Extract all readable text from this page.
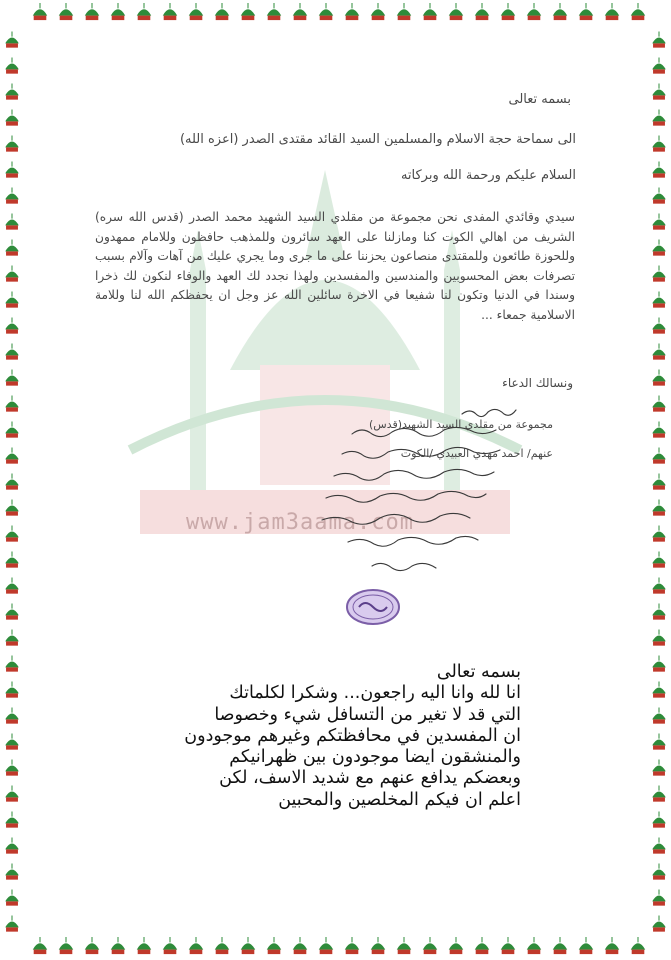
www.jam3aama.com
بسمه تعالى
الى سماحة حجة الاسلام والمسلمين السيد القائد مقتدى الصدر (اعزه الله)
السلام عليكم ورحمة الله وبركاته
سيدي وقائدي المفدى نحن مجموعة من مقلدي السيد الشهيد محمد الصدر (قدس الله سره) الشريف من اهالي الكوت كنا ومازلنا على العهد سائرون وللمذهب حافظون وللامام ممهدون وللحوزة طائعون وللمقتدى منصاعون يحزننا على ما جرى وما يجري عليك من آهات وآلام بسبب تصرفات بعض المحسوبين والمندسين والمفسدين ولهذا نجدد لك العهد والوفاء لنكون لك ذخرا وسندا في الدنيا وتكون لنا شفيعا في الاخرة سائلين الله عز وجل ان يحفظكم الله لنا وللامة الاسلامية جمعاء ...
ونسالك الدعاء
مجموعة من مقلدي السيد الشهيد(قدس)
عنهم/ احمد مهدي العبيدي /الكوت
بسمه تعالى
انا لله وانا اليه راجعون... وشكرا لكلماتك
التي قد لا تغير من التسافل شيء وخصوصا
ان المفسدين في محافظتكم وغيرهم موجودون
والمنشقون ايضا موجودون بين ظهرانيكم
وبعضكم يدافع عنهم مع شديد الاسف، لكن
اعلم ان فيكم المخلصين والمحبين
